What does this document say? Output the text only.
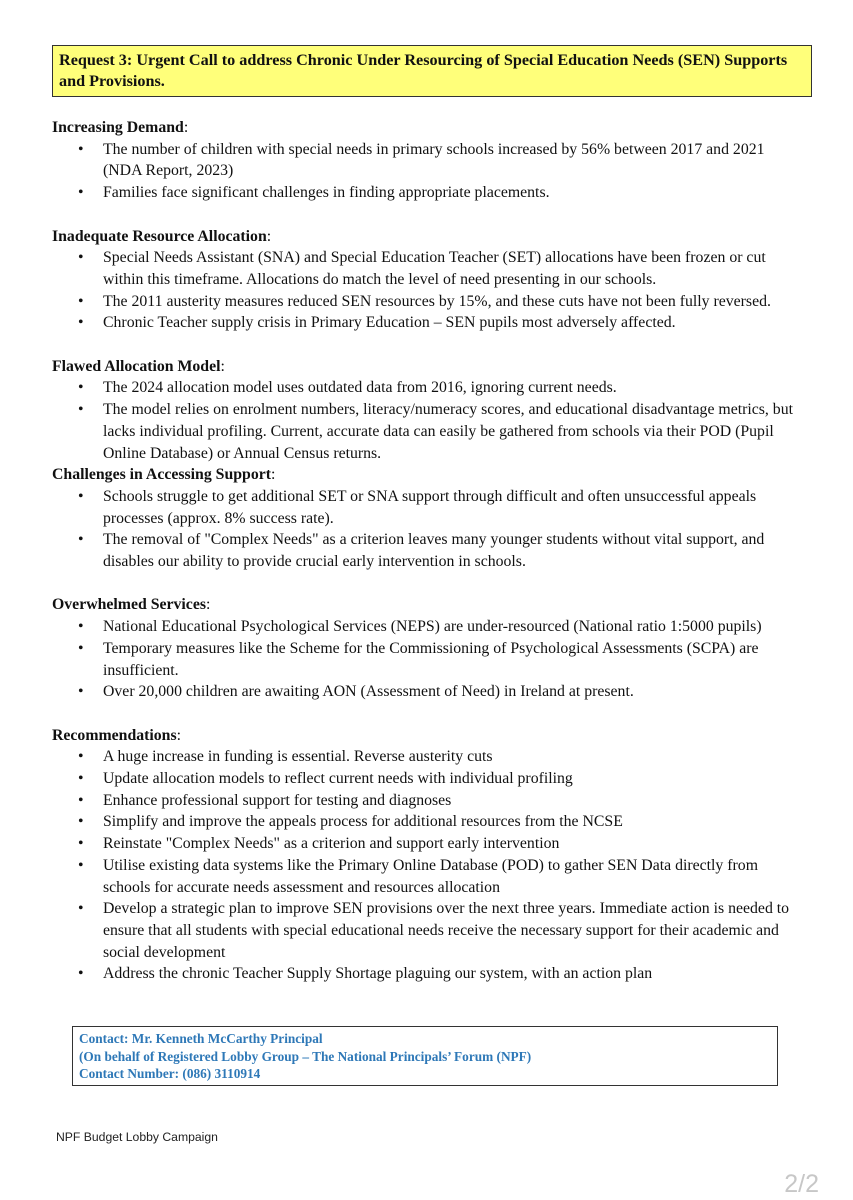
Request 3: Urgent Call to address Chronic Under Resourcing of Special Education Needs (SEN) Supports and Provisions.
Increasing Demand:
• The number of children with special needs in primary schools increased by 56% between 2017 and 2021 (NDA Report, 2023)
• Families face significant challenges in finding appropriate placements.
Inadequate Resource Allocation:
• Special Needs Assistant (SNA) and Special Education Teacher (SET) allocations have been frozen or cut within this timeframe. Allocations do match the level of need presenting in our schools.
• The 2011 austerity measures reduced SEN resources by 15%, and these cuts have not been fully reversed.
• Chronic Teacher supply crisis in Primary Education – SEN pupils most adversely affected.
Flawed Allocation Model:
• The 2024 allocation model uses outdated data from 2016, ignoring current needs.
• The model relies on enrolment numbers, literacy/numeracy scores, and educational disadvantage metrics, but lacks individual profiling. Current, accurate data can easily be gathered from schools via their POD (Pupil Online Database) or Annual Census returns.
Challenges in Accessing Support:
• Schools struggle to get additional SET or SNA support through difficult and often unsuccessful appeals processes (approx. 8% success rate).
• The removal of "Complex Needs" as a criterion leaves many younger students without vital support, and disables our ability to provide crucial early intervention in schools.
Overwhelmed Services:
• National Educational Psychological Services (NEPS) are under-resourced (National ratio 1:5000 pupils)
• Temporary measures like the Scheme for the Commissioning of Psychological Assessments (SCPA) are insufficient.
• Over 20,000 children are awaiting AON (Assessment of Need) in Ireland at present.
Recommendations:
• A huge increase in funding is essential. Reverse austerity cuts
• Update allocation models to reflect current needs with individual profiling
• Enhance professional support for testing and diagnoses
• Simplify and improve the appeals process for additional resources from the NCSE
• Reinstate "Complex Needs" as a criterion and support early intervention
• Utilise existing data systems like the Primary Online Database (POD) to gather SEN Data directly from schools for accurate needs assessment and resources allocation
• Develop a strategic plan to improve SEN provisions over the next three years. Immediate action is needed to ensure that all students with special educational needs receive the necessary support for their academic and social development
• Address the chronic Teacher Supply Shortage plaguing our system, with an action plan
Contact: Mr. Kenneth McCarthy Principal
(On behalf of Registered Lobby Group – The National Principals’ Forum (NPF)
Contact Number: (086) 3110914
NPF Budget Lobby Campaign
2/2
